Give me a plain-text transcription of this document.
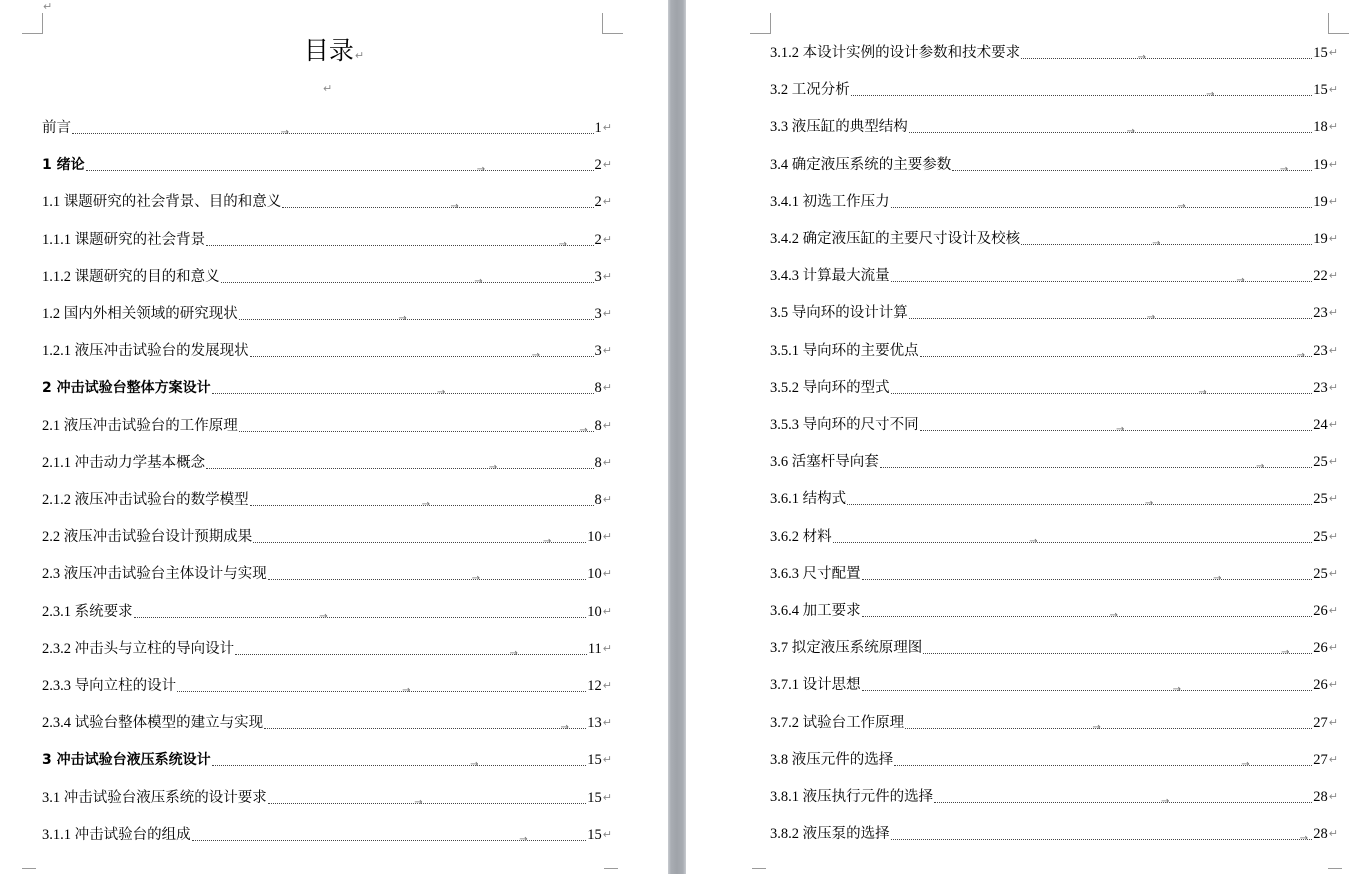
↵
目录↵
↵
前言	→	1 ↵
1 绪论	→	2 ↵
1.1 课题研究的社会背景、目的和意义	→	2 ↵
1.1.1 课题研究的社会背景	→ 2 ↵
1.1.2 课题研究的目的和意义	→	3 ↵
1.2 国内外相关领域的研究现状	→	3 ↵
1.2.1 液压冲击试验台的发展现状	→	3 ↵
2 冲击试验台整体方案设计	→	8 ↵
2.1 液压冲击试验台的工作原理	→ 8 ↵
2.1.1 冲击动力学基本概念	→	8 ↵
2.1.2 液压冲击试验台的数学模型	→	8 ↵
2.2 液压冲击试验台设计预期成果	→ 10 ↵
2.3 液压冲击试验台主体设计与实现	→	10 ↵
2.3.1 系统要求	→	10 ↵
2.3.2 冲击头与立柱的导向设计	→	11 ↵
2.3.3 导向立柱的设计	→	12 ↵
2.3.4 试验台整体模型的建立与实现	→ 13 ↵
3 冲击试验台液压系统设计	→	15 ↵
3.1 冲击试验台液压系统的设计要求	→	15 ↵
3.1.1 冲击试验台的组成	→	15 ↵
3.1.2 本设计实例的设计参数和技术要求	→	15 ↵
3.2 工况分析	→	15 ↵
3.3 液压缸的典型结构	→	18 ↵
3.4 确定液压系统的主要参数	→ 19 ↵
3.4.1 初选工作压力	→	19 ↵
3.4.2 确定液压缸的主要尺寸设计及校核	→	19 ↵
3.4.3 计算最大流量	→	22 ↵
3.5 导向环的设计计算	→	23 ↵
3.5.1 导向环的主要优点	→ 23 ↵
3.5.2 导向环的型式	→	23 ↵
3.5.3 导向环的尺寸不同	→	24 ↵
3.6 活塞杆导向套	→	25 ↵
3.6.1 结构式	→	25 ↵
3.6.2 材料	→	25 ↵
3.6.3 尺寸配置	→	25 ↵
3.6.4 加工要求	→	26 ↵
3.7 拟定液压系统原理图	→ 26 ↵
3.7.1 设计思想	→	26 ↵
3.7.2 试验台工作原理	→	27 ↵
3.8 液压元件的选择	→	27 ↵
3.8.1 液压执行元件的选择	→	28 ↵
3.8.2 液压泵的选择	→ 28 ↵
